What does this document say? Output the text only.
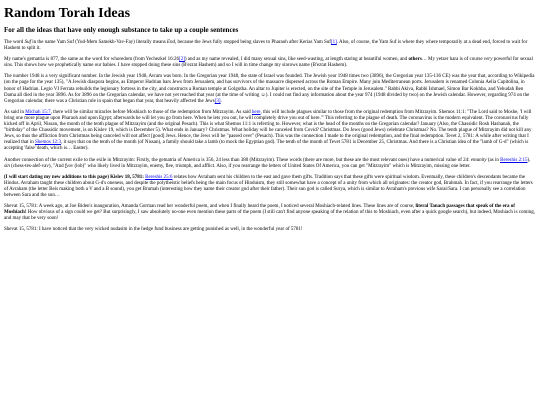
Random Torah Ideas
For all the ideas that have only enough substance to take up a couple sentences

The word Suf in the name Yam Suf (Yud-Mem Samekh-Vav-Fay) literally means End, because the Jews fully stopped being slaves to Pharaoh after Kerias Yam Suf[1]. Also, of course, the Yam Suf is where they where temporarily at a dead end, forced to wait for Hashem to split it.

My name's gematria is 877, the same as the word for whoredom (from Yechezkel 16:26[2]) and as my name revealed, I did many sexual sins, like seed-wasting, at length staring at beautiful women, and others… My yetzer hara is of course very powerful for sexual sins. This shows how we prophetically name our babies. I have stopped doing these sins (B'ezrat Hashem) and so I will in time change my sinrows name (B'ezrat Hashem).

The number 1948 is a very significant number. In the Jewish year 1948, Avram was born. In the Gregorian year 1948, the state of Israel was founded. The Jewish year 1948 times two (3896), the Gregorian year 135-136 CE) was the year that, according to Wikipedia (on the page for the year 135), "A Jewish diaspora begins, as Emperor Hadrian bars Jews from Jerusalem, and has survivors of the massacre dispersed across the Roman Empire. Many join Mediterranean ports. Jerusalem is renamed Colonia Aelia Capitolina, in honor of Hadrian. Legio VI Ferrata rebuilds the legionary fortress in the city, and constructs a Roman temple at Golgotha. An altar to Jupiter is erected, on the site of the Temple in Jerusalem." Rabbi Akiva, Rabbi Ishmael, Simon Bar Kokhba, and Yehudah Ben Dama all died in the year 3896. As for 3896 on the Gregorian calendar, we have not yet reached that year (at the time of writing ☺). I could not find any information about the year 974 (1948 divided by two) on the Jewish calendar. However, regarding 974 on the Gregorian calendar, there was a Christian rule in spain that began that year, that heavily affected the Jews[3].

As said in Michah 15:7, there will be similar miracles before Moshiach to those of the redemption from Mitzrayim. As said here, this will include plagues similar to those from the original redemption from Mitzrayim. Shemos 11:1: "The Lord said to Moshe, 'I will bring one more plague upon Pharaoh and upon Egypt; afterwards he will let you go from here. When he lets you out, he will completely drive you out of here.'" This referring to the plague of death. The coronavirus is the modern equivalent. The coronavirus fully kicked off in April, Nissan, the month of the tenth plague of Mitzrayim (and the original Pesach). This is what Shemos 11:1 is referring to. However, what is the head of the months on the Gregorian calendar? January (Also, the Chassidic Rosh Hashanah, the "birthday" of the Chassidic movement, is on Kislev 19, which is December 5). What ends in January? Christmas. What holiday will be canceled from Covid? Christmas. Do Jews (good Jews) celebrate Christmas? No. The tenth plague of Mitzrayim did not kill any Jews, so thus the affliction from Christmas being canceled will not affect [good] Jews. Hence, the Jews will be "passed over" (Pesach). This was the connection I made to the original redemption, and the final redemption. Tevet 2, 5781: A while after writing that I realized that in Shemos 12:3, it says that on the tenth of the month (of Nissan), a family should take a lamb (to mock the Egyptian god). The tenth of the month of Tevet 5781 is December 25, Christmas. And there is a Christian idea of the "lamb of G-d" (which is accepting 'false' death, which is… Easter).

Another connection of the current exile to the exile in Mitzrayim: Firstly, the gematria of America is 356, 24 less than 380 (Mitzrayim). These words (there are more, but these are the most relevant ones) have a numerical value of 24: emunity (as in Bereshis 2:15), sin (chess-tes-alef-vav), "And fyov (lob)" who likely lived in Mitzrayim, enemy, flee, triumph, and afflict. Also, if you rearrange the letters of United States Of America, you can get "Mitzrayim" which is Mitzrayim, missing one letter.

(I will start dating my new additions to this page) Kislev 18, 5781: Bereshis 25:6 relates how Avraham sent his children to the east and gave them gifts. Tradition says that these gifts were spiritual wisdom. Eventually, these children's descendants became the Hindus. Avraham taught these children about G-d's oneness, and despite the polytheistic beliefs being the main focus of Hinduism, they still somewhat have a concept of a unity from which all originates: the creator god, Brahmah. In fact, if you rearrange the letters of Avraham (the letter Beis making both a V and a B sound), you get Brumah (interesting how they name their creator god after their father). Their sun god is called Surya, which is similar to Avraham's previous wife Sarai/Sara. I can personally see a correlation between Sara and the sun…

Shevat 15, 5781: A week ago, at Joe Biden's inauguration, Amanda Gorman read her wonderful poem, and when I finally heard the poem, I noticed several Moshiach-related lines. These lines are of course, literal Tanach passages that speak of the era of Moshiach! How obvious of a sign could we get? But surprisingly, I saw absolutely no-one even mention these parts of the poem (I still can't find anyone speaking of the relation of this to Moshiach, even after a quick google search), but indeed, Moshiach is coming, and may that be very soon!

Shevat 15, 5781: I have noticed that the very wicked nudasim in the hedge fund business are getting punished as well, in the wonderful year of 5781!
